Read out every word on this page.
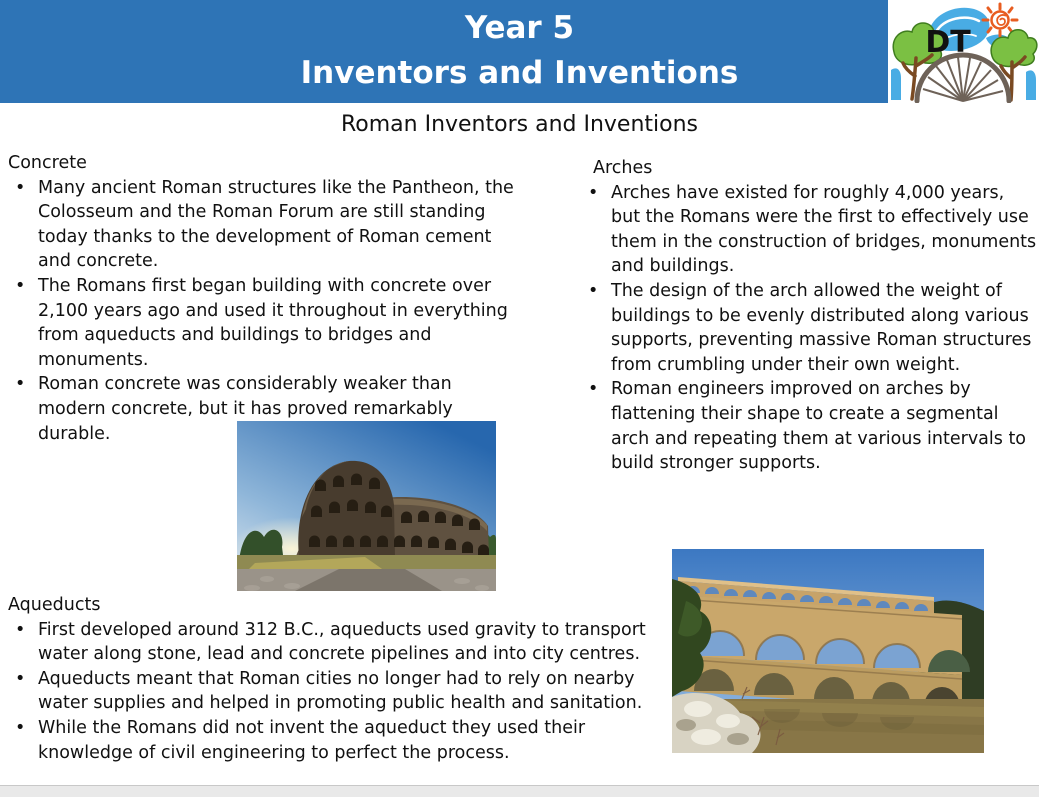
Year 5
Inventors and Inventions
DT
Roman Inventors and Inventions
Concrete
• Many ancient Roman structures like the Pantheon, the Colosseum and the Roman Forum are still standing today thanks to the development of Roman cement and concrete.
• The Romans first began building with concrete over 2,100 years ago and used it throughout in everything from aqueducts and buildings to bridges and monuments.
• Roman concrete was considerably weaker than modern concrete, but it has proved remarkably durable.
Arches
• Arches have existed for roughly 4,000 years, but the Romans were the first to effectively use them in the construction of bridges, monuments and buildings.
• The design of the arch allowed the weight of buildings to be evenly distributed along various supports, preventing massive Roman structures from crumbling under their own weight.
• Roman engineers improved on arches by flattening their shape to create a segmental arch and repeating them at various intervals to build stronger supports.
Aqueducts
• First developed around 312 B.C., aqueducts used gravity to transport water along stone, lead and concrete pipelines and into city centres.
• Aqueducts meant that Roman cities no longer had to rely on nearby water supplies and helped in promoting public health and sanitation.
• While the Romans did not invent the aqueduct they used their knowledge of civil engineering to perfect the process.
